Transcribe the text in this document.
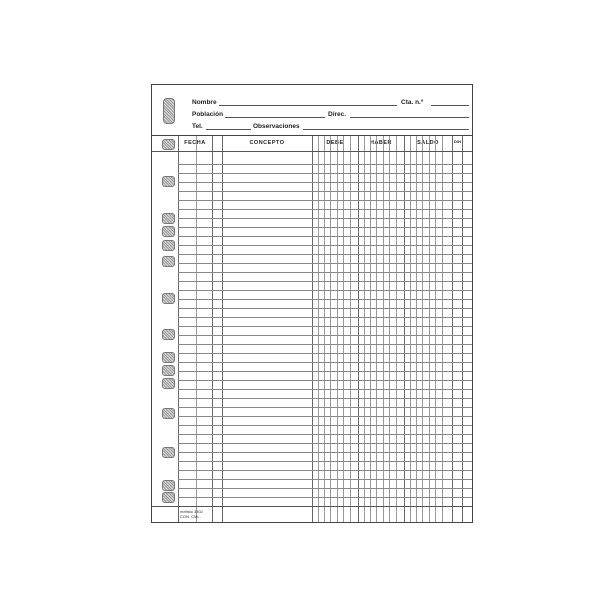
Nombre	Cta. n.º
Población	Direc.
Tel.	Observaciones
FECHA	CONCEPTO	DEBE	HABER	SALDO	D/H
mefisto 3302
CON. CML.
